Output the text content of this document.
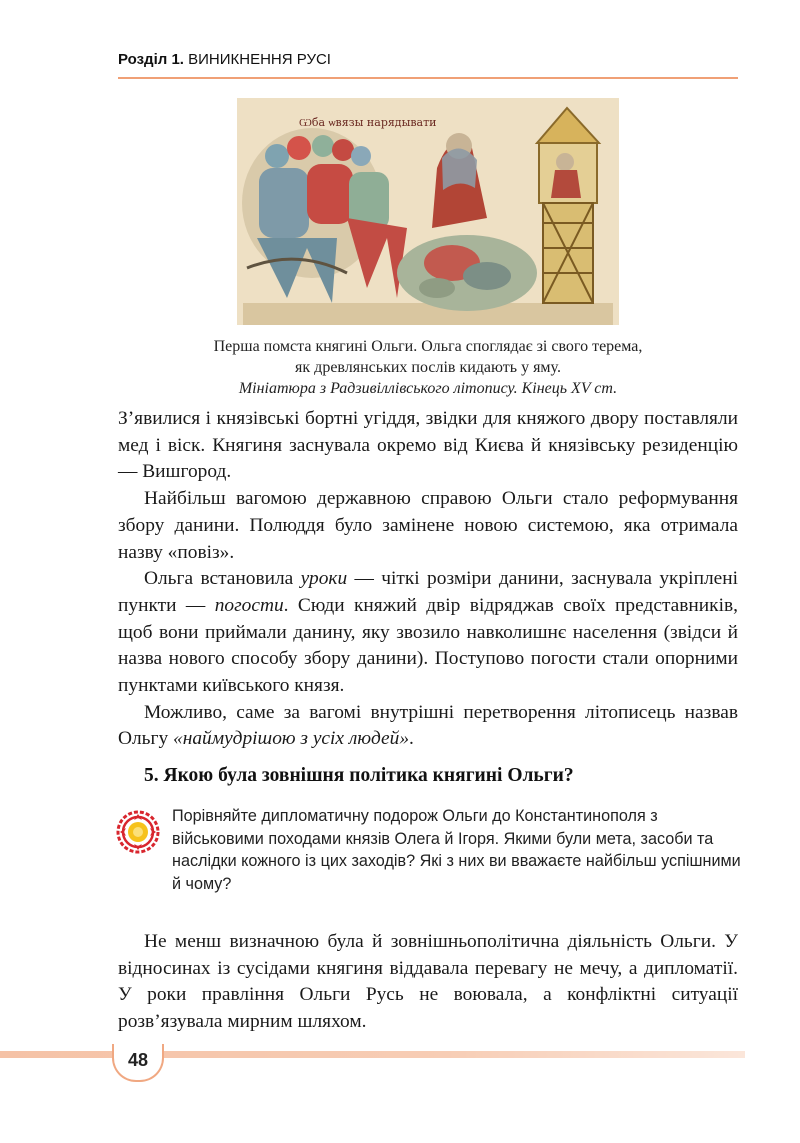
Розділ 1. ВИНИКНЕННЯ РУСІ
Ѡба ѡвязы нарядывати
Перша помста княгині Ольги. Ольга споглядає зі свого терема,
як древлянських послів кидають у яму.
Мініатюра з Радзивіллівського літопису. Кінець XV ст.

З’явилися і князівські бортні угіддя, звідки для княжого двору поставляли мед і віск. Княгиня заснувала окремо від Києва й князівську резиденцію — Вишгород.

Найбільш вагомою державною справою Ольги стало реформування збору данини. Полюддя було замінене новою системою, яка отримала назву «повіз».

Ольга встановила уроки — чіткі розміри данини, заснувала укріплені пункти — погости. Сюди княжий двір відряджав своїх представників, щоб вони приймали данину, яку звозило навколишнє населення (звідси й назва нового способу збору данини). Поступово погости стали опорними пунктами київського князя.

Можливо, саме за вагомі внутрішні перетворення літописець назвав Ольгу «наймудрішою з усіх людей».

5. Якою була зовнішня політика княгині Ольги?
Порівняйте дипломатичну подорож Ольги до Константинополя з військовими походами князів Олега й Ігоря. Якими були мета, засоби та наслідки кожного із цих заходів? Які з них ви вважаєте найбільш успішними й чому?

Не менш визначною була й зовнішньополітична діяльність Ольги. У відносинах із сусідами княгиня віддавала перевагу не мечу, а дипломатії. У роки правління Ольги Русь не воювала, а конфліктні ситуації розв’язувала мирним шляхом.

48
